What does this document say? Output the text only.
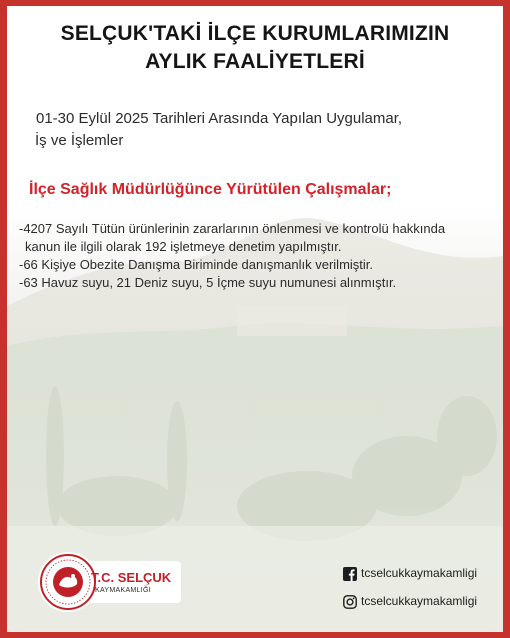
SELÇUK'TAKİ İLÇE KURUMLARIMIZIN
AYLIK FAALİYETLERİ
01-30 Eylül 2025 Tarihleri Arasında Yapılan Uygulamar,
İş ve İşlemler
İlçe Sağlık Müdürlüğünce Yürütülen Çalışmalar;
-4207 Sayılı Tütün ürünlerinin zararlarının önlenmesi ve kontrolü hakkında
kanun ile ilgili olarak 192 işletmeye denetim yapılmıştır.
-66 Kişiye Obezite Danışma Biriminde danışmanlık verilmiştir.
-63 Havuz suyu, 21 Deniz suyu, 5 İçme suyu numunesi alınmıştır.
T.C. SELÇUK
KAYMAKAMLIĞI
tcselcukkaymakamligi
tcselcukkaymakamligi
